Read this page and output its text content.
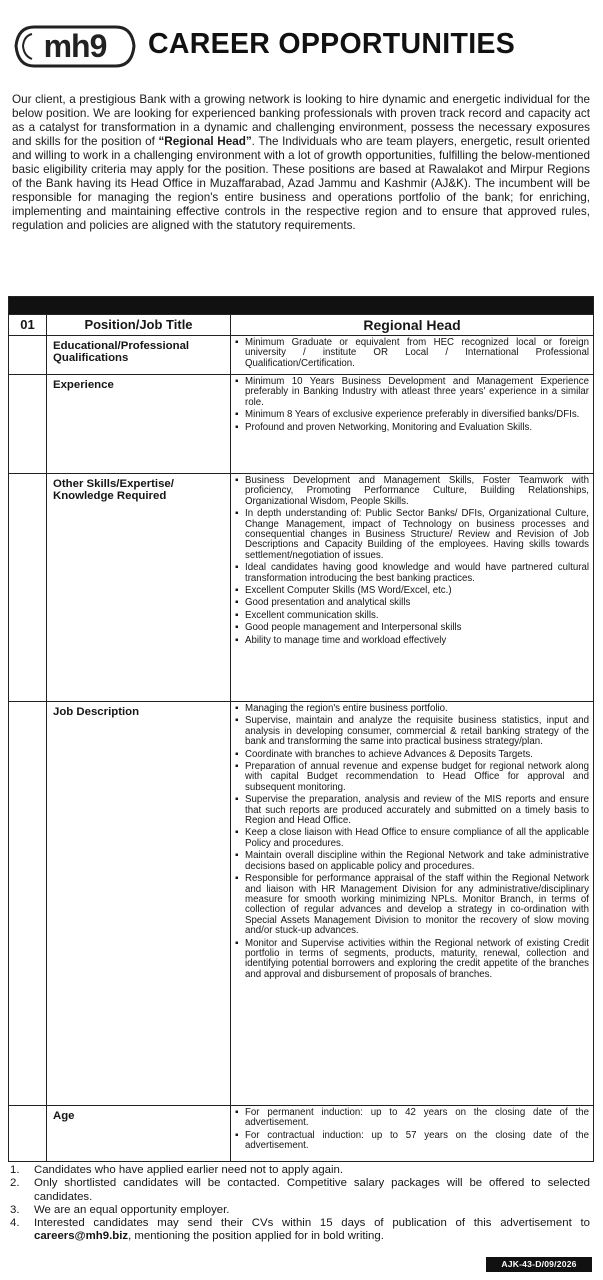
mh9 CAREER OPPORTUNITIES

Our client, a prestigious Bank with a growing network is looking to hire dynamic and energetic individual for the below position. We are looking for experienced banking professionals with proven track record and capacity act as a catalyst for transformation in a dynamic and challenging environment, possess the necessary exposures and skills for the position of “Regional Head”. The Individuals who are team players, energetic, result oriented and willing to work in a challenging environment with a lot of growth opportunities, fulfilling the below-mentioned basic eligibility criteria may apply for the position. These positions are based at Rawalakot and Mirpur Regions of the Bank having its Head Office in Muzaffarabad, Azad Jammu and Kashmir (AJ&K). The incumbent will be responsible for managing the region's entire business and operations portfolio of the bank; for enriching, implementing and maintaining effective controls in the respective region and to ensure that approved rules, regulation and policies are aligned with the statutory requirements.

01	Position/Job Title	Regional Head
Educational/Professional Qualifications
▪ Minimum Graduate or equivalent from HEC recognized local or foreign university / institute OR Local / International Professional Qualification/Certification.
Experience	▪ Minimum 10 Years Business Development and Management Experience preferably in Banking Industry with atleast three years' experience in a similar role.
▪ Minimum 8 Years of exclusive experience preferably in diversified banks/DFIs.
▪ Profound and proven Networking, Monitoring and Evaluation Skills.
Other Skills/Expertise/ Knowledge Required
▪ Business Development and Management Skills, Foster Teamwork with proficiency, Promoting Performance Culture, Building Relationships, Organizational Wisdom, People Skills.
▪ In depth understanding of: Public Sector Banks/ DFIs, Organizational Culture, Change Management, impact of Technology on business processes and consequential changes in Business Structure/ Review and Revision of Job Descriptions and Capacity Building of the employees. Having skills towards settlement/negotiation of issues.
▪ Ideal candidates having good knowledge and would have partnered cultural transformation introducing the best banking practices.
▪ Excellent Computer Skills (MS Word/Excel, etc.)
▪ Good presentation and analytical skills
▪ Excellent communication skills.
▪ Good people management and Interpersonal skills
▪ Ability to manage time and workload effectively
Job Description	▪ Managing the region's entire business portfolio.
▪ Supervise, maintain and analyze the requisite business statistics, input and analysis in developing consumer, commercial & retail banking strategy of the bank and transforming the same into practical business strategy/plan.
▪ Coordinate with branches to achieve Advances & Deposits Targets.
▪ Preparation of annual revenue and expense budget for regional network along with capital Budget recommendation to Head Office for approval and subsequent monitoring.
▪ Supervise the preparation, analysis and review of the MIS reports and ensure that such reports are produced accurately and submitted on a timely basis to Region and Head Office.
▪ Keep a close liaison with Head Office to ensure compliance of all the applicable Policy and procedures.
▪ Maintain overall discipline within the Regional Network and take administrative decisions based on applicable policy and procedures.
▪ Responsible for performance appraisal of the staff within the Regional Network and liaison with HR Management Division for any administrative/disciplinary measure for smooth working minimizing NPLs. Monitor Branch, in terms of collection of regular advances and develop a strategy in co-ordination with Special Assets Management Division to monitor the recovery of slow moving and/or stuck-up advances.
▪ Monitor and Supervise activities within the Regional network of existing Credit portfolio in terms of segments, products, maturity, renewal, collection and identifying potential borrowers and exploring the credit appetite of the branches and approval and disbursement of proposals of branches.
Age	▪ For permanent induction: up to 42 years on the closing date of the advertisement.
▪ For contractual induction: up to 57 years on the closing date of the advertisement.
1.	Candidates who have applied earlier need not to apply again.
2.	Only shortlisted candidates will be contacted. Competitive salary packages will be offered to selected candidates.
3.	We are an equal opportunity employer.
4.	Interested candidates may send their CVs within 15 days of publication of this advertisement to careers@mh9.biz, mentioning the position applied for in bold writing.
AJK-43-D/09/2026
